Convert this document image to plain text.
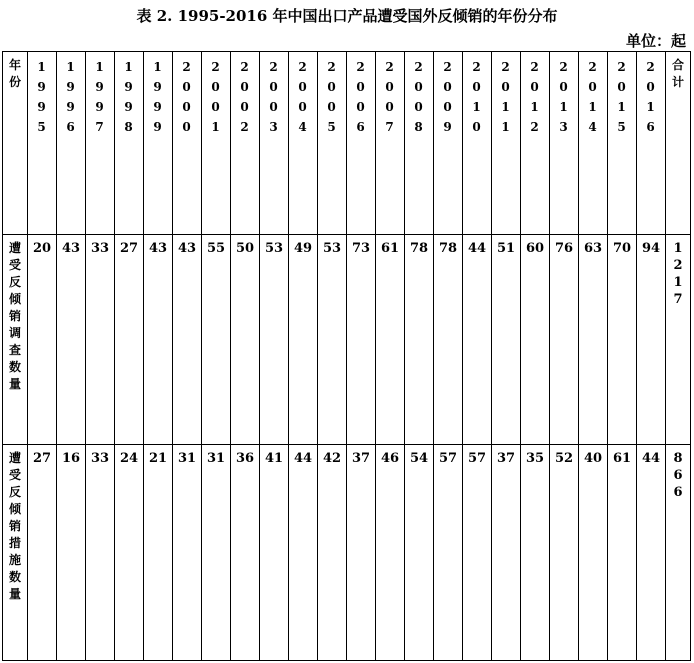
表 2. 1995-2016 年中国出口产品遭受国外反倾销的年份分布
单位：起
年份	1995	1996	1997	1998	1999	2000	2001	2002	2003	2004	2005	2006	2007	2008	2009	2010	2011	2012	2013	2014	2015	2016	合计

遭受反倾销调查数量	20	43	33	27	43	43	55	50	53	49	53	73	61	78	78	44	51	60	76	63	70	94	1217

遭受反倾销措施数量	27	16	33	24	21	31	31	36	41	44	42	37	46	54	57	57	37	35	52	40	61	44	866
